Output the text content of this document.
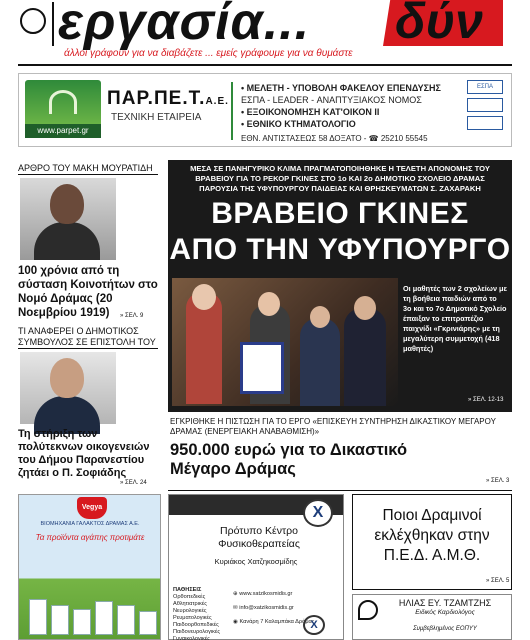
εργασία... δύν
άλλοι γράφουν για να διαβάζετε ... εμείς γράφουμε για να θυμάστε
www.parpet.gr
ΠΑΡ.ΠΕ.Τ.Α.Ε.
ΤΕΧΝΙΚΗ ΕΤΑΙΡΕΙΑ
• ΜΕΛΕΤΗ - ΥΠΟΒΟΛΗ ΦΑΚΕΛΟΥ ΕΠΕΝΔΥΣΗΣ
ΕΣΠΑ - LEADER - ΑΝΑΠΤΥΞΙΑΚΟΣ ΝΟΜΟΣ
• ΕΞΟΙΚΟΝΟΜΗΣΗ ΚΑΤ'ΟΙΚΟΝ ΙΙ
• ΕΘΝΙΚΟ ΚΤΗΜΑΤΟΛΟΓΙΟ
ΕΘΝ. ΑΝΤΙΣΤΑΣΕΩΣ 58 ΔΟΞΑΤΟ - ☎ 25210 55545
ΕΣΠΑ
ΑΡΘΡΟ ΤΟΥ ΜΑΚΗ ΜΟΥΡΑΤΙΔΗ
100 χρόνια από τη σύσταση Κοινοτήτων στο Νομό Δράμας (20 Νοεμβρίου 1919)	» ΣΕΛ. 9
ΤΙ ΑΝΑΦΕΡΕΙ Ο ΔΗΜΟΤΙΚΟΣ ΣΥΜΒΟΥΛΟΣ ΣΕ ΕΠΙΣΤΟΛΗ ΤΟΥ
Τη στήριξη των πολύτεκνων οικογενειών του Δήμου Παρανεστίου ζητάει ο Π. Σοφιάδης
» ΣΕΛ. 24
ΜΕΣΑ ΣΕ ΠΑΝΗΓΥΡΙΚΟ ΚΛΙΜΑ ΠΡΑΓΜΑΤΟΠΟΙΗΘΗΚΕ Η ΤΕΛΕΤΗ ΑΠΟΝΟΜΗΣ ΤΟΥ ΒΡΑΒΕΙΟΥ ΓΙΑ ΤΟ ΡΕΚΟΡ ΓΚΙΝΕΣ ΣΤΟ 1ο ΚΑΙ 2ο ΔΗΜΟΤΙΚΟ ΣΧΟΛΕΙΟ ΔΡΑΜΑΣ ΠΑΡΟΥΣΙΑ ΤΗΣ ΥΦΥΠΟΥΡΓΟΥ ΠΑΙΔΕΙΑΣ ΚΑΙ ΘΡΗΣΚΕΥΜΑΤΩΝ Σ. ΖΑΧΑΡΑΚΗ
ΒΡΑΒΕΙΟ ΓΚΙΝΕΣ
ΑΠΟ ΤΗΝ ΥΦΥΠΟΥΡΓΟ
Οι μαθητές των 2 σχολείων με τη βοήθεια παιδιών από το 3ο και το 7ο Δημοτικό Σχολείο έπαιξαν το επιτραπέζιο παιχνίδι «Γκρινιάρης» με τη μεγαλύτερη συμμετοχή (418 μαθητές)
» ΣΕΛ. 12-13
ΕΓΚΡΙΘΗΚΕ Η ΠΙΣΤΩΣΗ ΓΙΑ ΤΟ ΕΡΓΟ «ΕΠΙΣΚΕΥΗ ΣΥΝΤΗΡΗΣΗ ΔΙΚΑΣΤΙΚΟΥ ΜΕΓΑΡΟΥ ΔΡΑΜΑΣ (ΕΝΕΡΓΕΙΑΚΗ ΑΝΑΒΑΘΜΙΣΗ)»
950.000 ευρώ για το Δικαστικό Μέγαρο Δράμας
» ΣΕΛ. 3
Vegya
ΒΙΟΜΗΧΑΝΙΑ ΓΑΛΑΚΤΟΣ ΔΡΑΜΑΣ Α.Ε.
Τα προϊόντα αγάπης προτιμάτε
X
Πρότυπο Κέντρο Φυσικοθεραπείας
Κυριάκος Χατζηκοσμίδης
ΠΑΘΗΣΕΙΣ
Ορθοπεδικές
Αθλητιατρικές
Νευρολογικές
Ρευματολογικές
Παιδοορθοπεδικές
Παιδονευρολογικές
Γυναικολογικές
⊕ www.xatzikosmidis.gr
✉ info@xatzikosmidis.gr
◉ Κανάρη 7 Καλαμπάκα Δράμας
X
Ποιοι Δραμινοί εκλέχθηκαν στην Π.Ε.Δ. Α.Μ.Θ.
» ΣΕΛ. 5
ΗΛΙΑΣ ΕΥ. ΤΖΑΜΤΖΗΣ
Ειδικός Καρδιολόγος
Συμβεβλημένος ΕΟΠΥΥ
